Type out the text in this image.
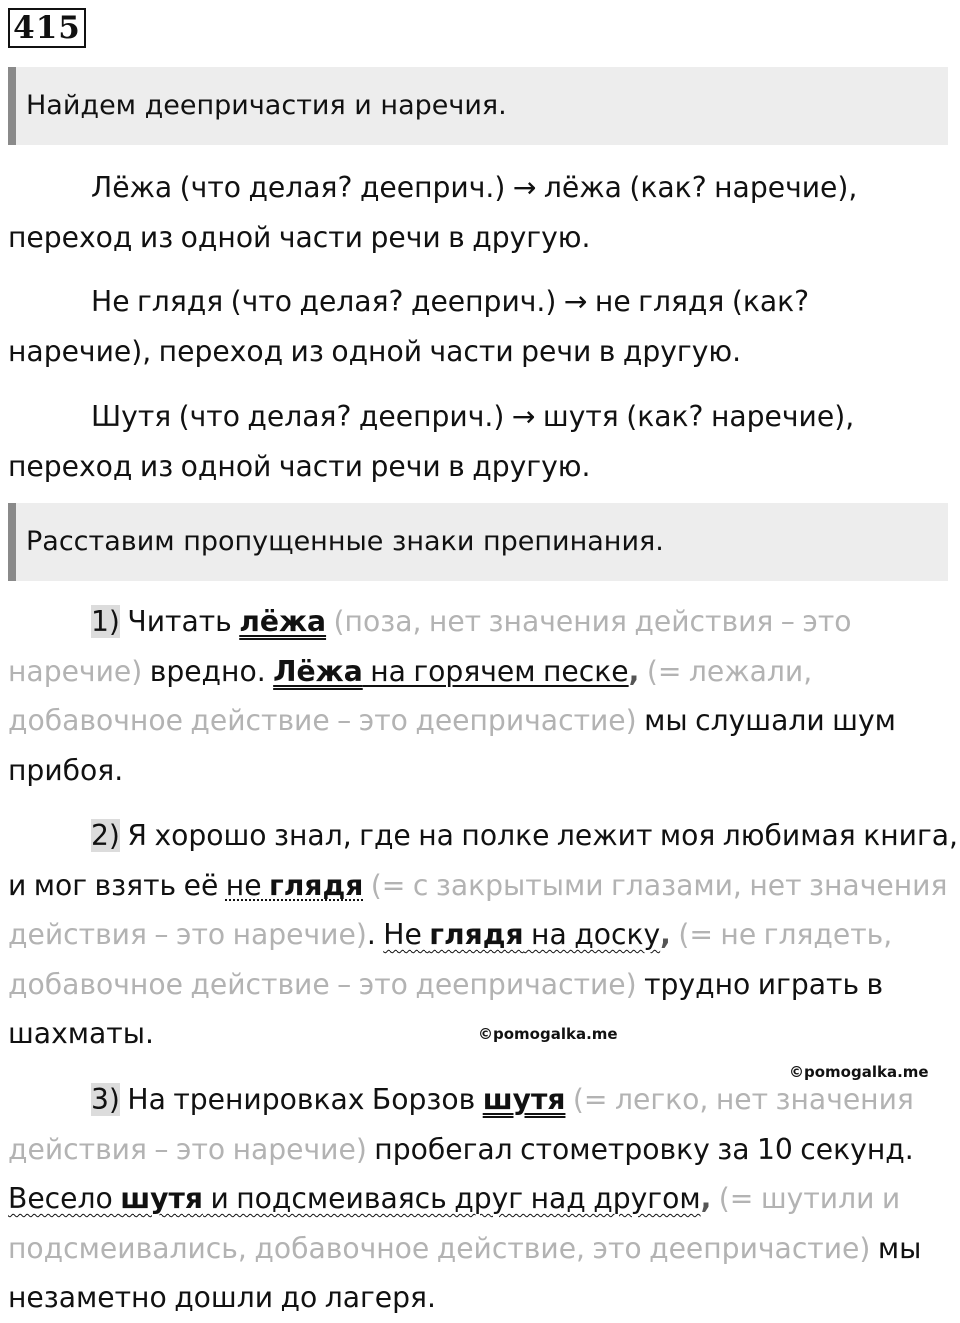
415
Найдем деепричастия и наречия.
Лёжа (что делая? дееприч.) → лёжа (как? наречие), переход из одной части речи в другую.
Не глядя (что делая? дееприч.) → не глядя (как? наречие), переход из одной части речи в другую.
Шутя (что делая? дееприч.) → шутя (как? наречие), переход из одной части речи в другую.
Расставим пропущенные знаки препинания.
1) Читать лёжа (поза, нет значения действия – это наречие) вредно. Лёжа на горячем песке, (= лежали, добавочное действие – это деепричастие) мы слушали шум прибоя.
2) Я хорошо знал, где на полке лежит моя любимая книга, и мог взять её не глядя (= с закрытыми глазами, нет значения действия – это наречие). Не глядя на доску, (= не глядеть, добавочное действие – это деепричастие) трудно играть в шахматы.
3) На тренировках Борзов шутя (= легко, нет значения действия – это наречие) пробегал стометровку за 10 секунд. Весело шутя и подсмеиваясь друг над другом, (= шутили и подсмеивались, добавочное действие, это деепричастие) мы незаметно дошли до лагеря.
©pomogalka.me
©pomogalka.me
